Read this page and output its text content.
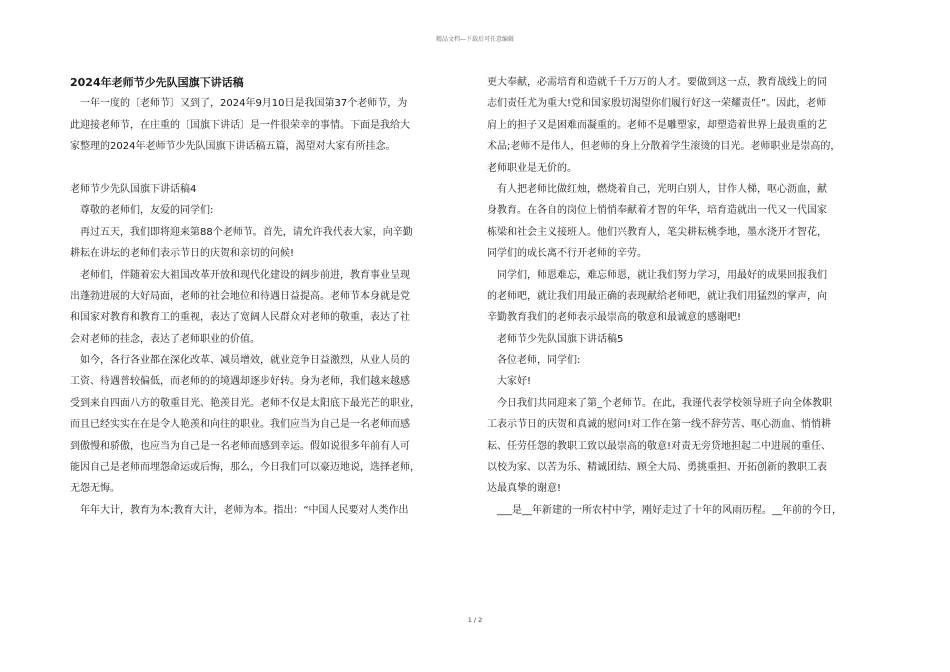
精品文档—下载后可任意编辑
2024年老师节少先队国旗下讲话稿
　一年一度的〔老师节〕又到了，2024年9月10日是我国第37个老师节，为
此迎接老师节，在庄重的〔国旗下讲话〕是一件很荣幸的事情。下面是我给大
家整理的2024年老师节少先队国旗下讲话稿五篇，渴望对大家有所挂念。
老师节少先队国旗下讲话稿4
　尊敬的老师们，友爱的同学们:
　再过五天，我们即将迎来第88个老师节。首先，请允许我代表大家，向辛勤
耕耘在讲坛的老师们表示节日的庆贺和亲切的问候!
　老师们，伴随着宏大祖国改革开放和现代化建设的阔步前进，教育事业呈现
出蓬勃进展的大好局面，老师的社会地位和待遇日益提高。老师节本身就是党
和国家对教育和教育工的重视，表达了宽阔人民群众对老师的敬重，表达了社
会对老师的挂念，表达了老师职业的价值。
　如今，各行各业都在深化改革、减员增效，就业竞争日益激烈，从业人员的
工资、待遇普较偏低，而老师的的境遇却逐步好转。身为老师，我们越来越感
受到来自四面八方的敬重目光、艳羡目光。老师不仅是太阳底下最光芒的职业，
而且已经实实在在是令人艳羡和向往的职业。我们应当为自己是一名老师而感
到傲慢和骄傲，也应当为自己是一名老师而感到幸运。假如说很多年前有人可
能因自己是老师而埋怨命运或后悔，那么，今日我们可以豪迈地说，选择老师，
无怨无悔。
　年年大计，教育为本;教育大计，老师为本。指出：“中国人民要对人类作出
更大奉献，必需培育和造就千千万万的人才。要做到这一点，教育战线上的同
志们责任尤为重大!党和国家殷切渴望你们履行好这一荣耀责任”。因此，老师
肩上的担子又是困难而凝重的。老师不是雕塑家，却塑造着世界上最贵重的艺
术品;老师不是伟人，但老师的身上分散着学生滚烫的目光。老师职业是崇高的，
老师职业是无价的。
　有人把老师比做红烛，燃烧着自己，光明白别人，甘作人梯，呕心沥血，献
身教育。在各自的岗位上悄悄奉献着才智的年华，培育造就出一代又一代国家
栋梁和社会主义接班人。他们兴教育人，笔尖耕耘桃李地，墨水浇开才智花，
同学们的成长离不行开老师的辛劳。
　同学们，师恩难忘，难忘师恩，就让我们努力学习，用最好的成果回报我们
的老师吧，就让我们用最正确的表现献给老师吧，就让我们用猛烈的掌声，向
辛勤教育我们的老师表示最崇高的敬意和最诚意的感谢吧!
　老师节少先队国旗下讲话稿5
　各位老师，同学们:
　大家好!
　今日我们共同迎来了第_个老师节。在此，我谨代表学校领导班子向全体教职
工表示节日的庆贺和真诚的慰问!对工作在第一线不辞劳苦、呕心沥血、悄悄耕
耘、任劳任怨的教职工致以最崇高的敬意!对责无旁贷地担起二中进展的重任、
以校为家、以苦为乐、精诚团结、顾全大局、勇挑重担、开拓创新的教职工表
达最真挚的谢意!
　___是__年新建的一所农村中学，刚好走过了十年的风雨历程。__年前的今日，
1 / 2
